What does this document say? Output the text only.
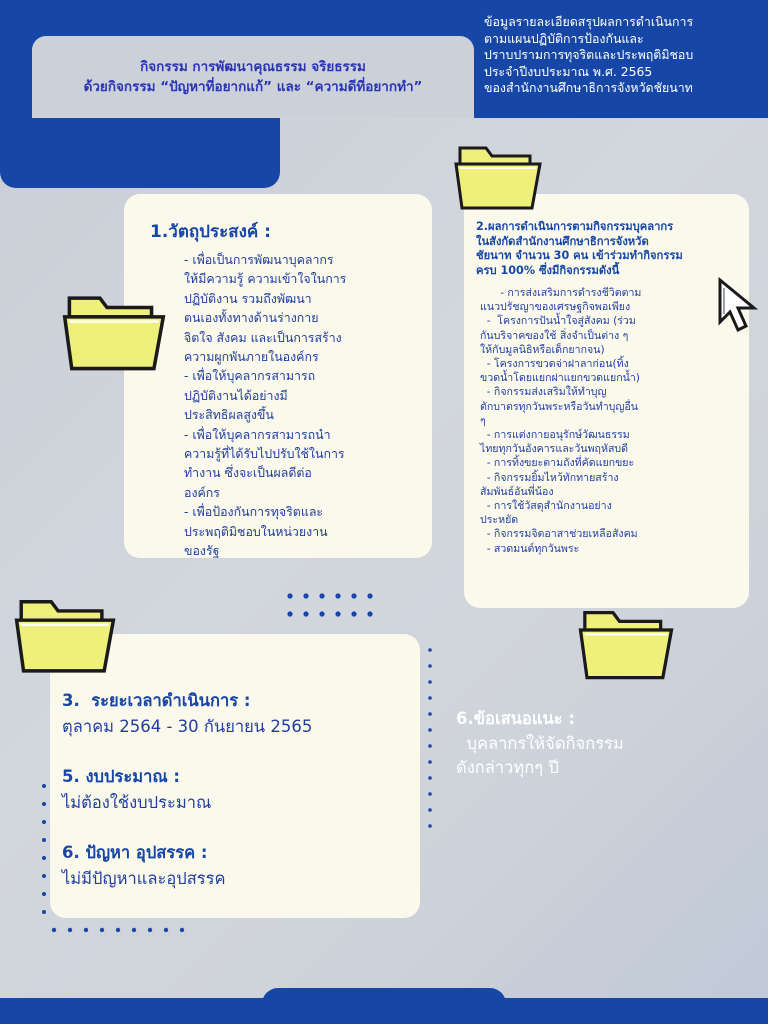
กิจกรรม การพัฒนาคุณธรรม จริยธรรม
ด้วยกิจกรรม “ปัญหาที่อยากแก้” และ “ความดีที่อยากทำ”
ข้อมูลรายละเอียดสรุปผลการดำเนินการ
ตามแผนปฏิบัติการป้องกันและ
ปราบปรามการทุจริตและประพฤติมิชอบ
ประจำปีงบประมาณ พ.ศ. 2565
ของสำนักงานศึกษาธิการจังหวัดชัยนาท
1.วัตถุประสงค์ :
- เพื่อเป็นการพัฒนาบุคลากร
ให้มีความรู้ ความเข้าใจในการ
ปฏิบัติงาน รวมถึงพัฒนา
ตนเองทั้งทางด้านร่างกาย
จิตใจ สังคม และเป็นการสร้าง
ความผูกพันภายในองค์กร
- เพื่อให้บุคลากรสามารถ
ปฏิบัติงานได้อย่างมี
ประสิทธิผลสูงขึ้น
- เพื่อให้บุคลากรสามารถนำ
ความรู้ที่ได้รับไปปรับใช้ในการ
ทำงาน ซึ่งจะเป็นผลดีต่อ
องค์กร
- เพื่อป้องกันการทุจริตและ
ประพฤติมิชอบในหน่วยงาน
ของรัฐ
2.ผลการดำเนินการตามกิจกรรมบุคลากร
ในสังกัดสำนักงานศึกษาธิการจังหวัด
ชัยนาท จำนวน 30 คน เข้าร่วมทำกิจกรรม
ครบ 100% ซึ่งมีกิจกรรมดังนี้
- การส่งเสริมการดำรงชีวิตตาม
แนวปรัชญาของเศรษฐกิจพอเพียง
-  โครงการปันน้ำใจสู่สังคม (ร่วม
กันบริจาคของใช้ สิ่งจำเป็นต่าง ๆ
ให้กับมูลนิธิหรือเด็กยากจน)
- โครงการขวดจ่าฝาลาก่อน(ทิ้ง
ขวดน้ำโดยแยกฝาแยกขวดแยกน้ำ)
- กิจกรรมส่งเสริมให้ทำบุญ
ตักบาตรทุกวันพระหรือวันทำบุญอื่น
ๆ
- การแต่งกายอนุรักษ์วัฒนธรรม
ไทยทุกวันอังคารและวันพฤหัสบดี
- การทิ้งขยะตามถังที่คัดแยกขยะ
- กิจกรรมยิ้มไหว้ทักทายสร้าง
สัมพันธ์อันพี่น้อง
- การใช้วัสดุสำนักงานอย่าง
ประหยัด
- กิจกรรมจิตอาสาช่วยเหลือสังคม
- สวดมนต์ทุกวันพระ
3.  ระยะเวลาดำเนินการ :
ตุลาคม 2564 - 30 กันยายน 2565
5. งบประมาณ :
ไม่ต้องใช้งบประมาณ
6. ปัญหา อุปสรรค :
ไม่มีปัญหาและอุปสรรค
6.ข้อเสนอแนะ :
บุคลากรให้จัดกิจกรรม
ดังกล่าวทุกๆ ปี
